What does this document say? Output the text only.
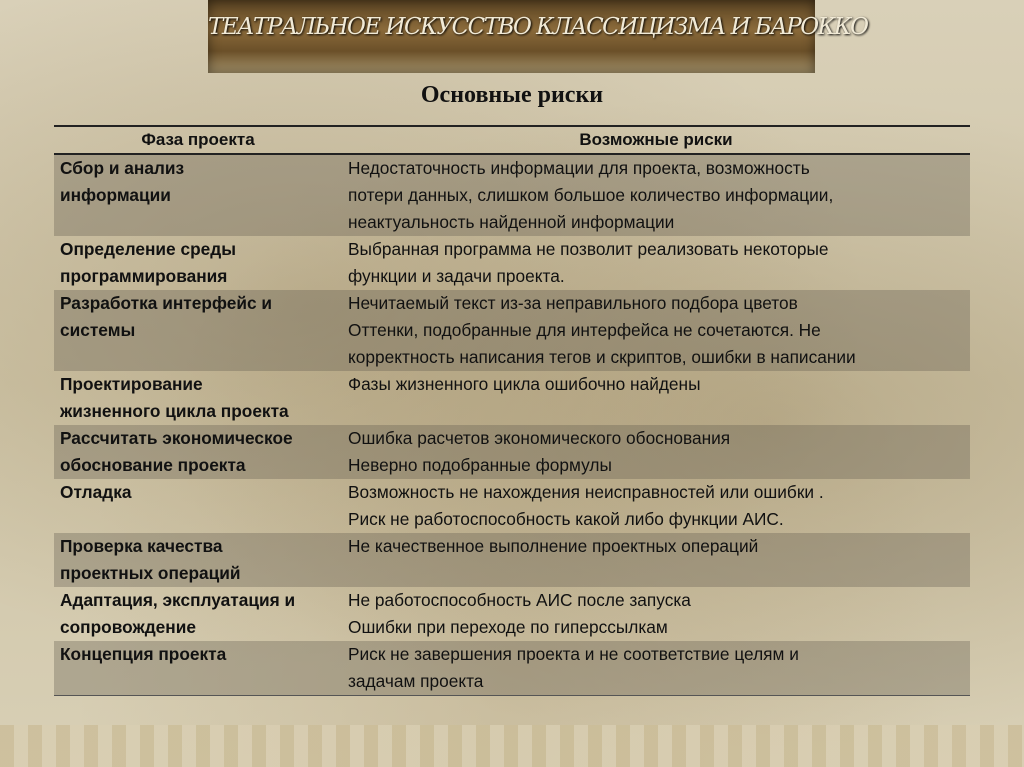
ТЕАТРАЛЬНОЕ ИСКУССТВО КЛАССИЦИЗМА И БАРОККО
Основные риски
Фаза проекта	Возможные риски

Сбор и анализ
информации	Недостаточность информации для проекта, возможность
потери данных, слишком большое количество информации,
неактуальность найденной информации

Определение среды
программирования	Выбранная программа не позволит реализовать некоторые
функции и задачи проекта.

Разработка интерфейс и
системы	Нечитаемый текст из-за неправильного подбора цветов
Оттенки, подобранные для интерфейса не сочетаются. Не
корректность написания тегов и скриптов, ошибки в написании

Проектирование
жизненного цикла проекта	Фазы жизненного цикла ошибочно найдены

Рассчитать экономическое
обоснование проекта	Ошибка расчетов экономического обоснования
Неверно подобранные формулы

Отладка	Возможность не нахождения неисправностей или ошибки .
Риск не работоспособность какой либо функции АИС.

Проверка качества
проектных операций	Не качественное выполнение проектных операций

Адаптация, эксплуатация и
сопровождение	Не работоспособность АИС после запуска
Ошибки при переходе по гиперссылкам

Концепция проекта	Риск не завершения проекта и не соответствие целям и
задачам проекта
